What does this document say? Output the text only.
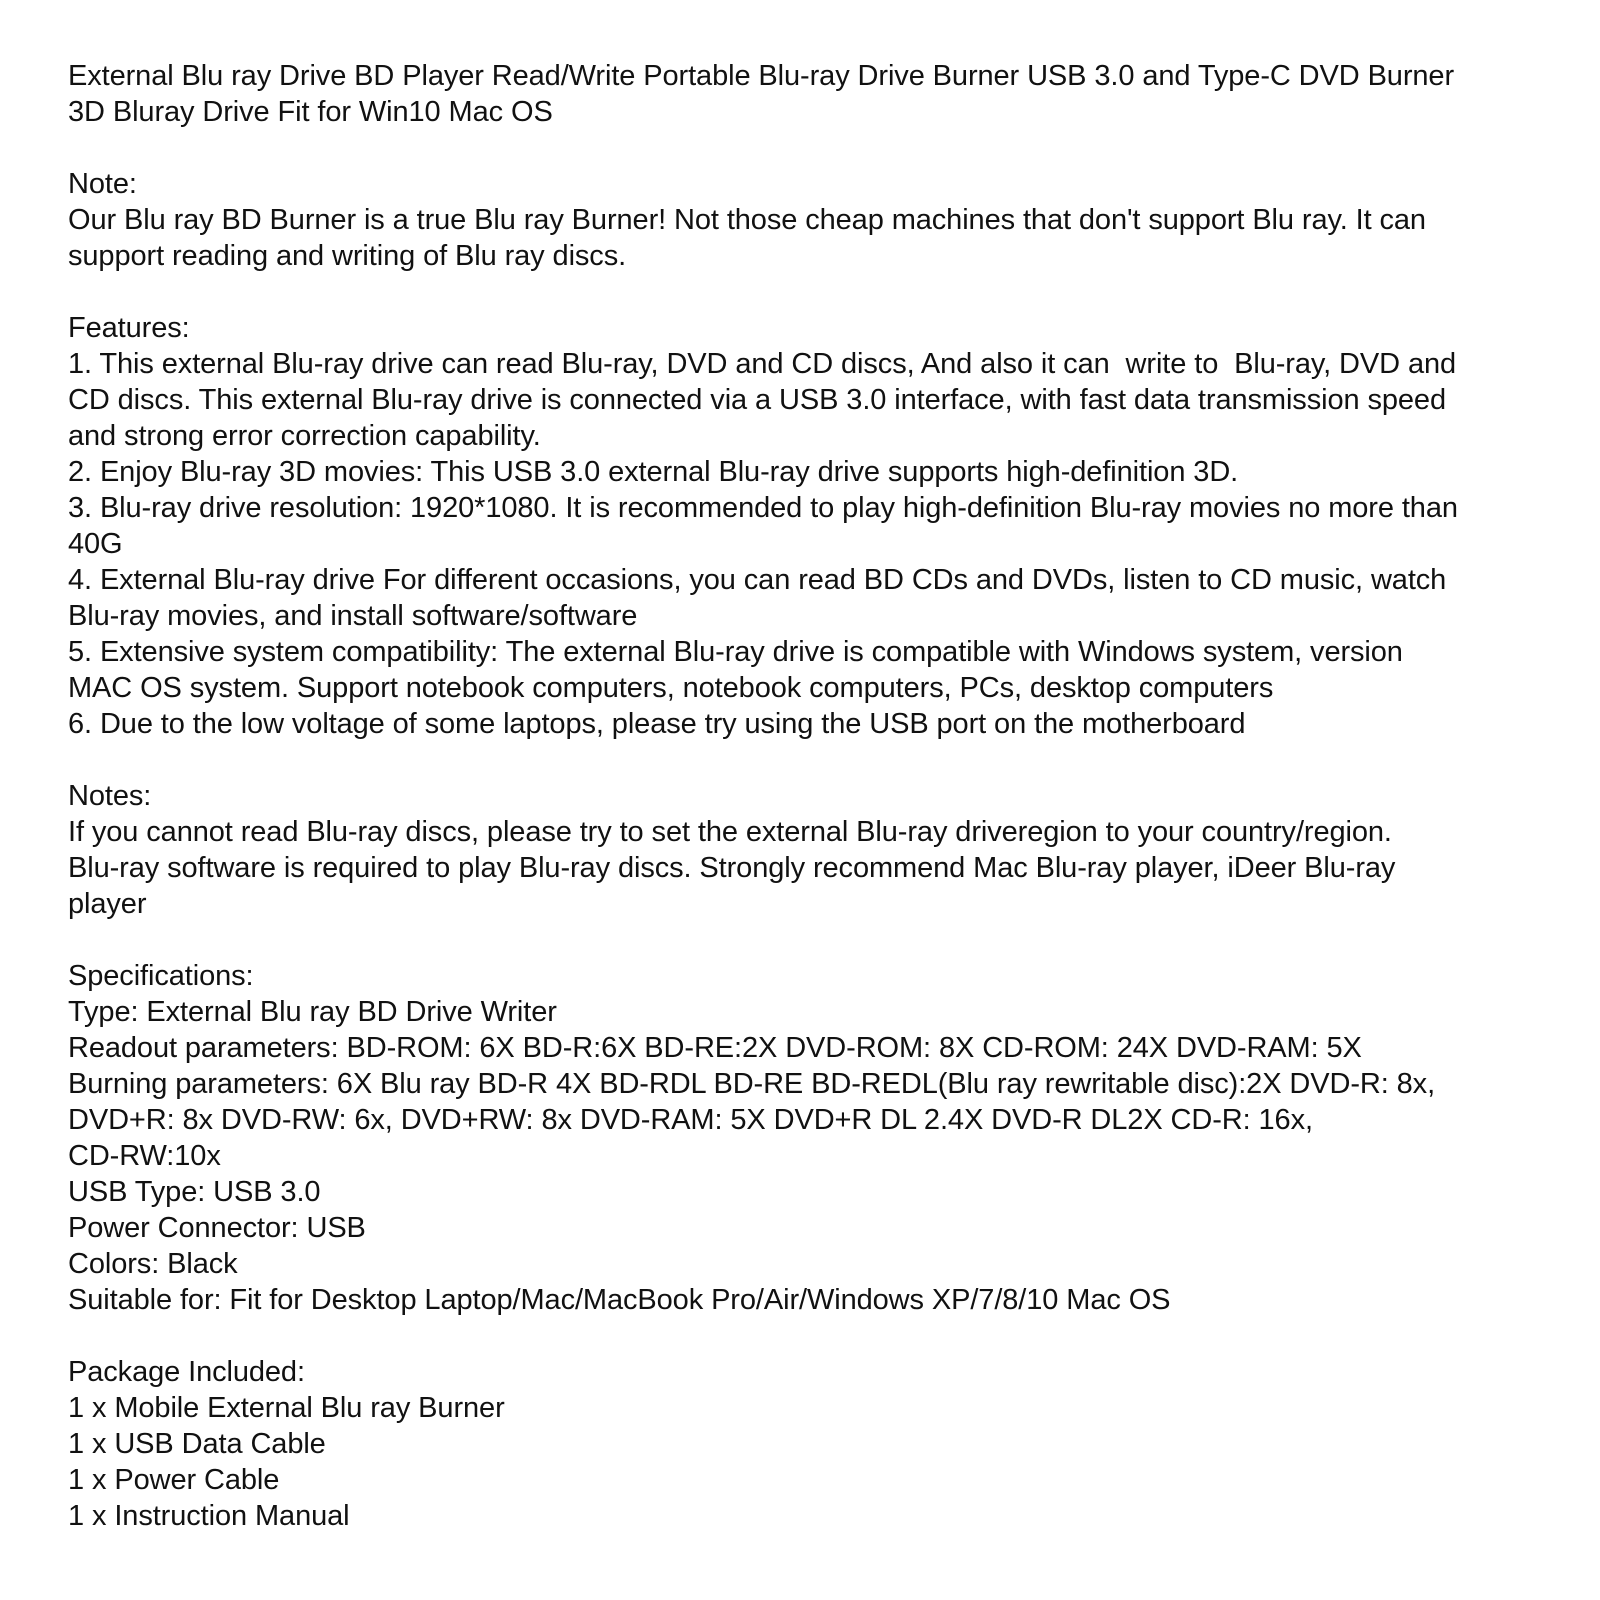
External Blu ray Drive BD Player Read/Write Portable Blu-ray Drive Burner USB 3.0 and Type-C DVD Burner
3D Bluray Drive Fit for Win10 Mac OS
Note:
Our Blu ray BD Burner is a true Blu ray Burner! Not those cheap machines that don't support Blu ray. It can
support reading and writing of Blu ray discs.
Features:
1. This external Blu-ray drive can read Blu-ray, DVD and CD discs, And also it can  write to  Blu-ray, DVD and
CD discs. This external Blu-ray drive is connected via a USB 3.0 interface, with fast data transmission speed
and strong error correction capability.
2. Enjoy Blu-ray 3D movies: This USB 3.0 external Blu-ray drive supports high-definition 3D.
3. Blu-ray drive resolution: 1920*1080. It is recommended to play high-definition Blu-ray movies no more than
40G
4. External Blu-ray drive For different occasions, you can read BD CDs and DVDs, listen to CD music, watch
Blu-ray movies, and install software/software
5. Extensive system compatibility: The external Blu-ray drive is compatible with Windows system, version
MAC OS system. Support notebook computers, notebook computers, PCs, desktop computers
6. Due to the low voltage of some laptops, please try using the USB port on the motherboard
Notes:
If you cannot read Blu-ray discs, please try to set the external Blu-ray driveregion to your country/region.
Blu-ray software is required to play Blu-ray discs. Strongly recommend Mac Blu-ray player, iDeer Blu-ray
player
Specifications:
Type: External Blu ray BD Drive Writer
Readout parameters: BD-ROM: 6X BD-R:6X BD-RE:2X DVD-ROM: 8X CD-ROM: 24X DVD-RAM: 5X
Burning parameters: 6X Blu ray BD-R 4X BD-RDL BD-RE BD-REDL(Blu ray rewritable disc):2X DVD-R: 8x,
DVD+R: 8x DVD-RW: 6x, DVD+RW: 8x DVD-RAM: 5X DVD+R DL 2.4X DVD-R DL2X CD-R: 16x,
CD-RW:10x
USB Type: USB 3.0
Power Connector: USB
Colors: Black
Suitable for: Fit for Desktop Laptop/Mac/MacBook Pro/Air/Windows XP/7/8/10 Mac OS
Package Included:
1 x Mobile External Blu ray Burner
1 x USB Data Cable
1 x Power Cable
1 x Instruction Manual
